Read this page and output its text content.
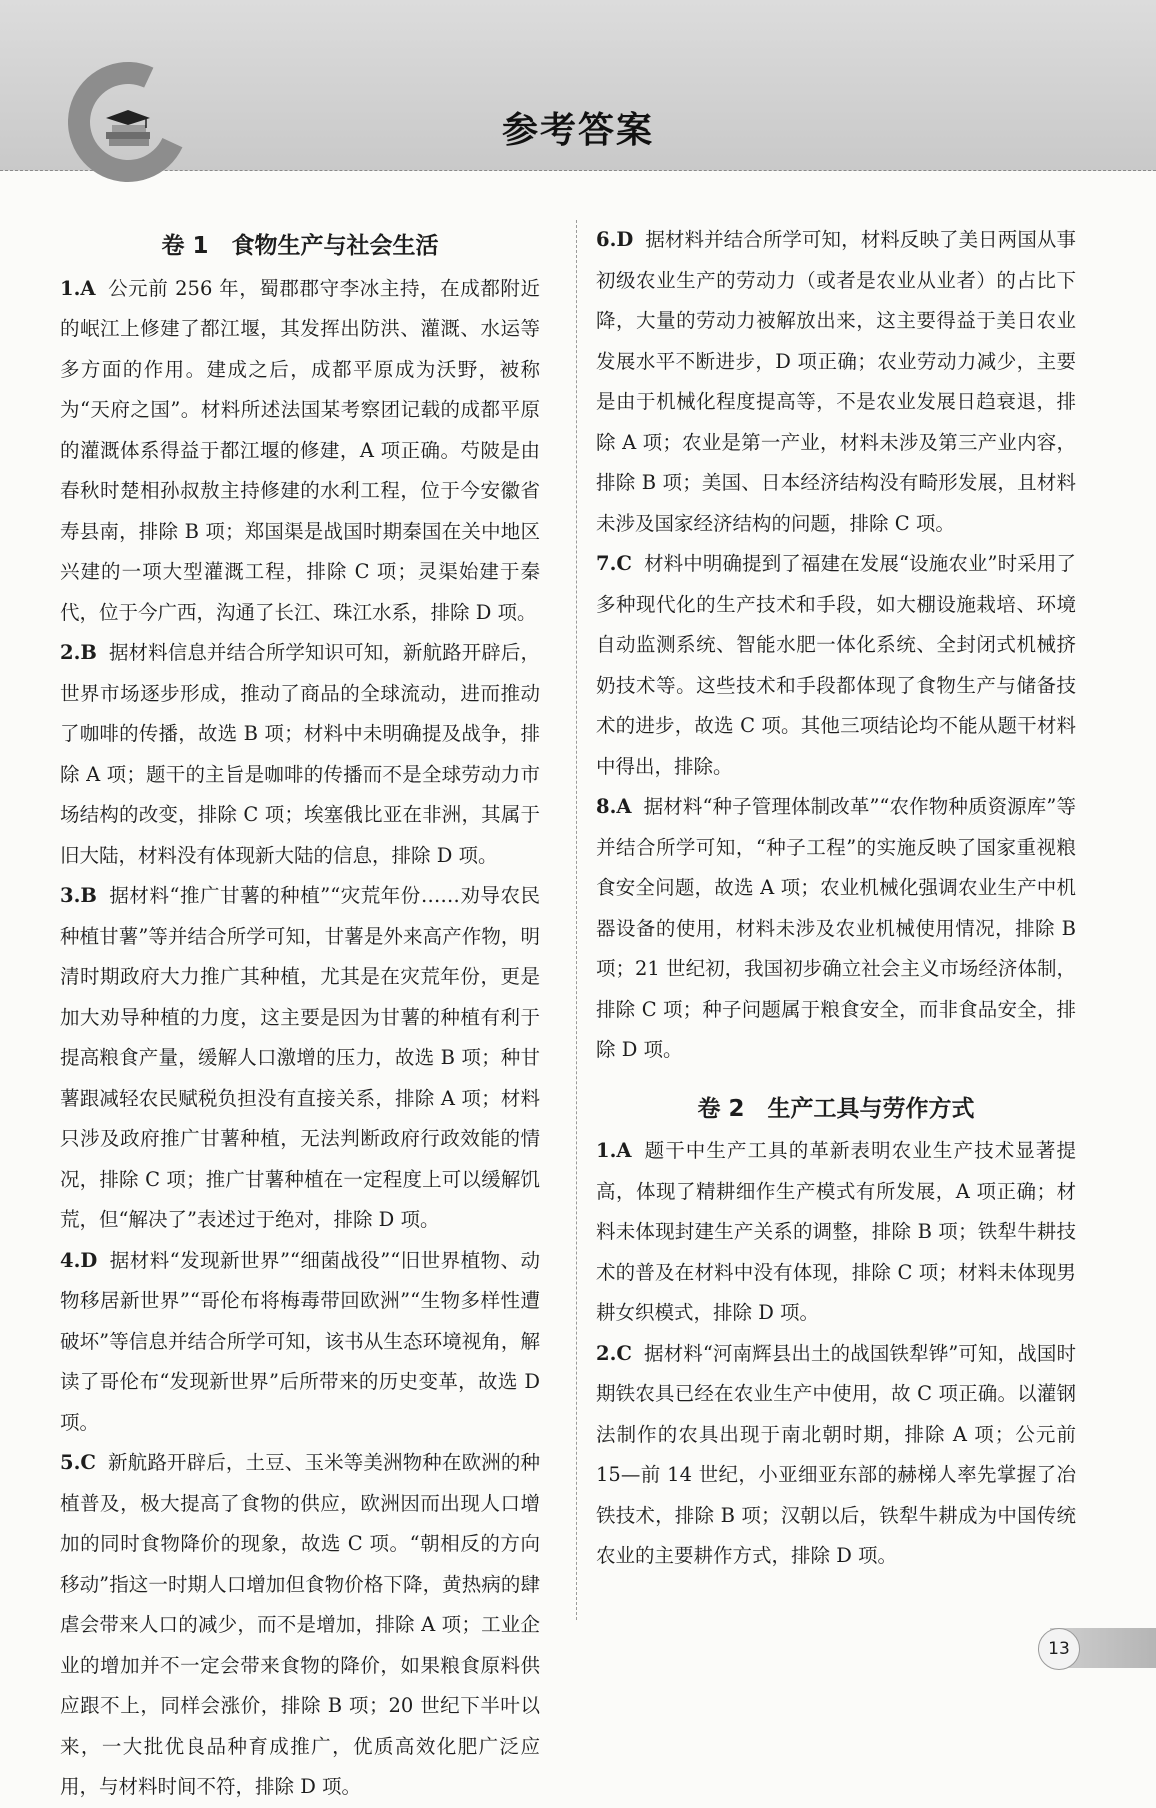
参考答案
卷 1　食物生产与社会生活
1.A 公元前 256 年，蜀郡郡守李冰主持，在成都附近的岷江上修建了都江堰，其发挥出防洪、灌溉、水运等多方面的作用。建成之后，成都平原成为沃野，被称为“天府之国”。材料所述法国某考察团记载的成都平原的灌溉体系得益于都江堰的修建，A 项正确。芍陂是由春秋时楚相孙叔敖主持修建的水利工程，位于今安徽省寿县南，排除 B 项；郑国渠是战国时期秦国在关中地区兴建的一项大型灌溉工程，排除 C 项；灵渠始建于秦代，位于今广西，沟通了长江、珠江水系，排除 D 项。
2.B 据材料信息并结合所学知识可知，新航路开辟后，世界市场逐步形成，推动了商品的全球流动，进而推动了咖啡的传播，故选 B 项；材料中未明确提及战争，排除 A 项；题干的主旨是咖啡的传播而不是全球劳动力市场结构的改变，排除 C 项；埃塞俄比亚在非洲，其属于旧大陆，材料没有体现新大陆的信息，排除 D 项。
3.B 据材料“推广甘薯的种植”“灾荒年份……劝导农民种植甘薯”等并结合所学可知，甘薯是外来高产作物，明清时期政府大力推广其种植，尤其是在灾荒年份，更是加大劝导种植的力度，这主要是因为甘薯的种植有利于提高粮食产量，缓解人口激增的压力，故选 B 项；种甘薯跟减轻农民赋税负担没有直接关系，排除 A 项；材料只涉及政府推广甘薯种植，无法判断政府行政效能的情况，排除 C 项；推广甘薯种植在一定程度上可以缓解饥荒，但“解决了”表述过于绝对，排除 D 项。
4.D 据材料“发现新世界”“细菌战役”“旧世界植物、动物移居新世界”“哥伦布将梅毒带回欧洲”“生物多样性遭破坏”等信息并结合所学可知，该书从生态环境视角，解读了哥伦布“发现新世界”后所带来的历史变革，故选 D 项。
5.C 新航路开辟后，土豆、玉米等美洲物种在欧洲的种植普及，极大提高了食物的供应，欧洲因而出现人口增加的同时食物降价的现象，故选 C 项。“朝相反的方向移动”指这一时期人口增加但食物价格下降，黄热病的肆虐会带来人口的减少，而不是增加，排除 A 项；工业企业的增加并不一定会带来食物的降价，如果粮食原料供应跟不上，同样会涨价，排除 B 项；20 世纪下半叶以来，一大批优良品种育成推广，优质高效化肥广泛应用，与材料时间不符，排除 D 项。
6.D 据材料并结合所学可知，材料反映了美日两国从事初级农业生产的劳动力（或者是农业从业者）的占比下降，大量的劳动力被解放出来，这主要得益于美日农业发展水平不断进步，D 项正确；农业劳动力减少，主要是由于机械化程度提高等，不是农业发展日趋衰退，排除 A 项；农业是第一产业，材料未涉及第三产业内容，排除 B 项；美国、日本经济结构没有畸形发展，且材料未涉及国家经济结构的问题，排除 C 项。
7.C 材料中明确提到了福建在发展“设施农业”时采用了多种现代化的生产技术和手段，如大棚设施栽培、环境自动监测系统、智能水肥一体化系统、全封闭式机械挤奶技术等。这些技术和手段都体现了食物生产与储备技术的进步，故选 C 项。其他三项结论均不能从题干材料中得出，排除。
8.A 据材料“种子管理体制改革”“农作物种质资源库”等并结合所学可知，“种子工程”的实施反映了国家重视粮食安全问题，故选 A 项；农业机械化强调农业生产中机器设备的使用，材料未涉及农业机械使用情况，排除 B 项；21 世纪初，我国初步确立社会主义市场经济体制，排除 C 项；种子问题属于粮食安全，而非食品安全，排除 D 项。
卷 2　生产工具与劳作方式
1.A 题干中生产工具的革新表明农业生产技术显著提高，体现了精耕细作生产模式有所发展，A 项正确；材料未体现封建生产关系的调整，排除 B 项；铁犁牛耕技术的普及在材料中没有体现，排除 C 项；材料未体现男耕女织模式，排除 D 项。
2.C 据材料“河南辉县出土的战国铁犁铧”可知，战国时期铁农具已经在农业生产中使用，故 C 项正确。以灌钢法制作的农具出现于南北朝时期，排除 A 项；公元前 15—前 14 世纪，小亚细亚东部的赫梯人率先掌握了冶铁技术，排除 B 项；汉朝以后，铁犁牛耕成为中国传统农业的主要耕作方式，排除 D 项。
13
